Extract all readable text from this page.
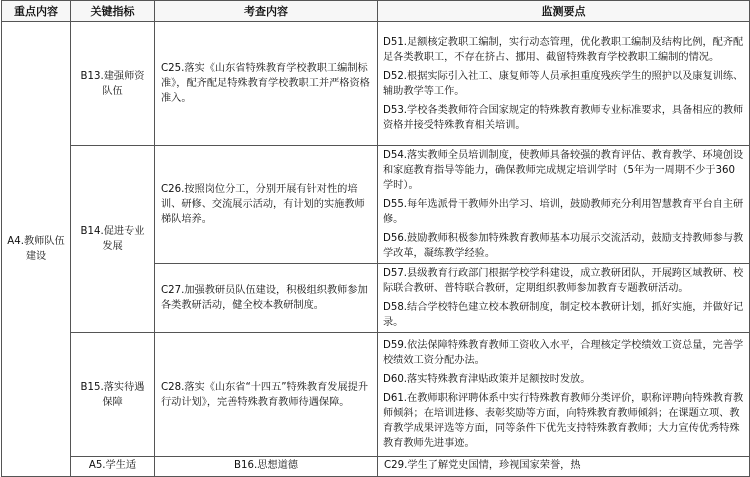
重点内容	关键指标	考查内容	监测要点	
A4.教师队伍建设	B13.建强师资队伍	C25.落实《山东省特殊教育学校教职工编制标准》，配齐配足特殊教育学校教职工并严格资格准入。	D51.足额核定教职工编制，实行动态管理，优化教职工编制及结构比例，配齐配足各类教职工，不存在挤占、挪用、截留特殊教育学校教职工编制的情况。

D52.根据实际引入社工、康复师等人员承担重度残疾学生的照护以及康复训练、辅助教学等工作。

D53.学校各类教师符合国家规定的特殊教育教师专业标准要求，具备相应的教师资格并接受特殊教育相关培训。	

	B14.促进专业发展	C26.按照岗位分工，分别开展有针对性的培训、研修、交流展示活动，有计划的实施教师梯队培养。	D54.落实教师全员培训制度，使教师具备较强的教育评估、教育教学、环境创设和家庭教育指导等能力，确保教师完成规定培训学时（5年为一周期不少于360学时）。

D55.每年选派骨干教师外出学习、培训，鼓励教师充分利用智慧教育平台自主研修。

D56.鼓励教师积极参加特殊教育教师基本功展示交流活动，鼓励支持教师参与教学改革，凝练教学经验。	

		C27.加强教研员队伍建设，积极组织教师参加各类教研活动，健全校本教研制度。	D57.县级教育行政部门根据学校学科建设，成立教研团队，开展跨区域教研、校际联合教研、普特联合教研，定期组织教师参加教育专题教研活动。

D58.结合学校特色建立校本教研制度，制定校本教研计划，抓好实施，并做好记录。	

	B15.落实待遇保障	C28.落实《山东省“十四五”特殊教育发展提升行动计划》，完善特殊教育教师待遇保障。	D59.依法保障特殊教育教师工资收入水平，合理核定学校绩效工资总量，完善学校绩效工资分配办法。

D60.落实特殊教育津贴政策并足额按时发放。

D61.在教师职称评聘体系中实行特殊教育教师分类评价，职称评聘向特殊教育教师倾斜；在培训进修、表彰奖励等方面，向特殊教育教师倾斜；在课题立项、教育教学成果评选等方面，同等条件下优先支持特殊教育教师；大力宣传优秀特殊教育教师先进事迹。	

	A5.学生适	B16.思想道德	C29.学生了解党史国情，珍视国家荣誉，热	
